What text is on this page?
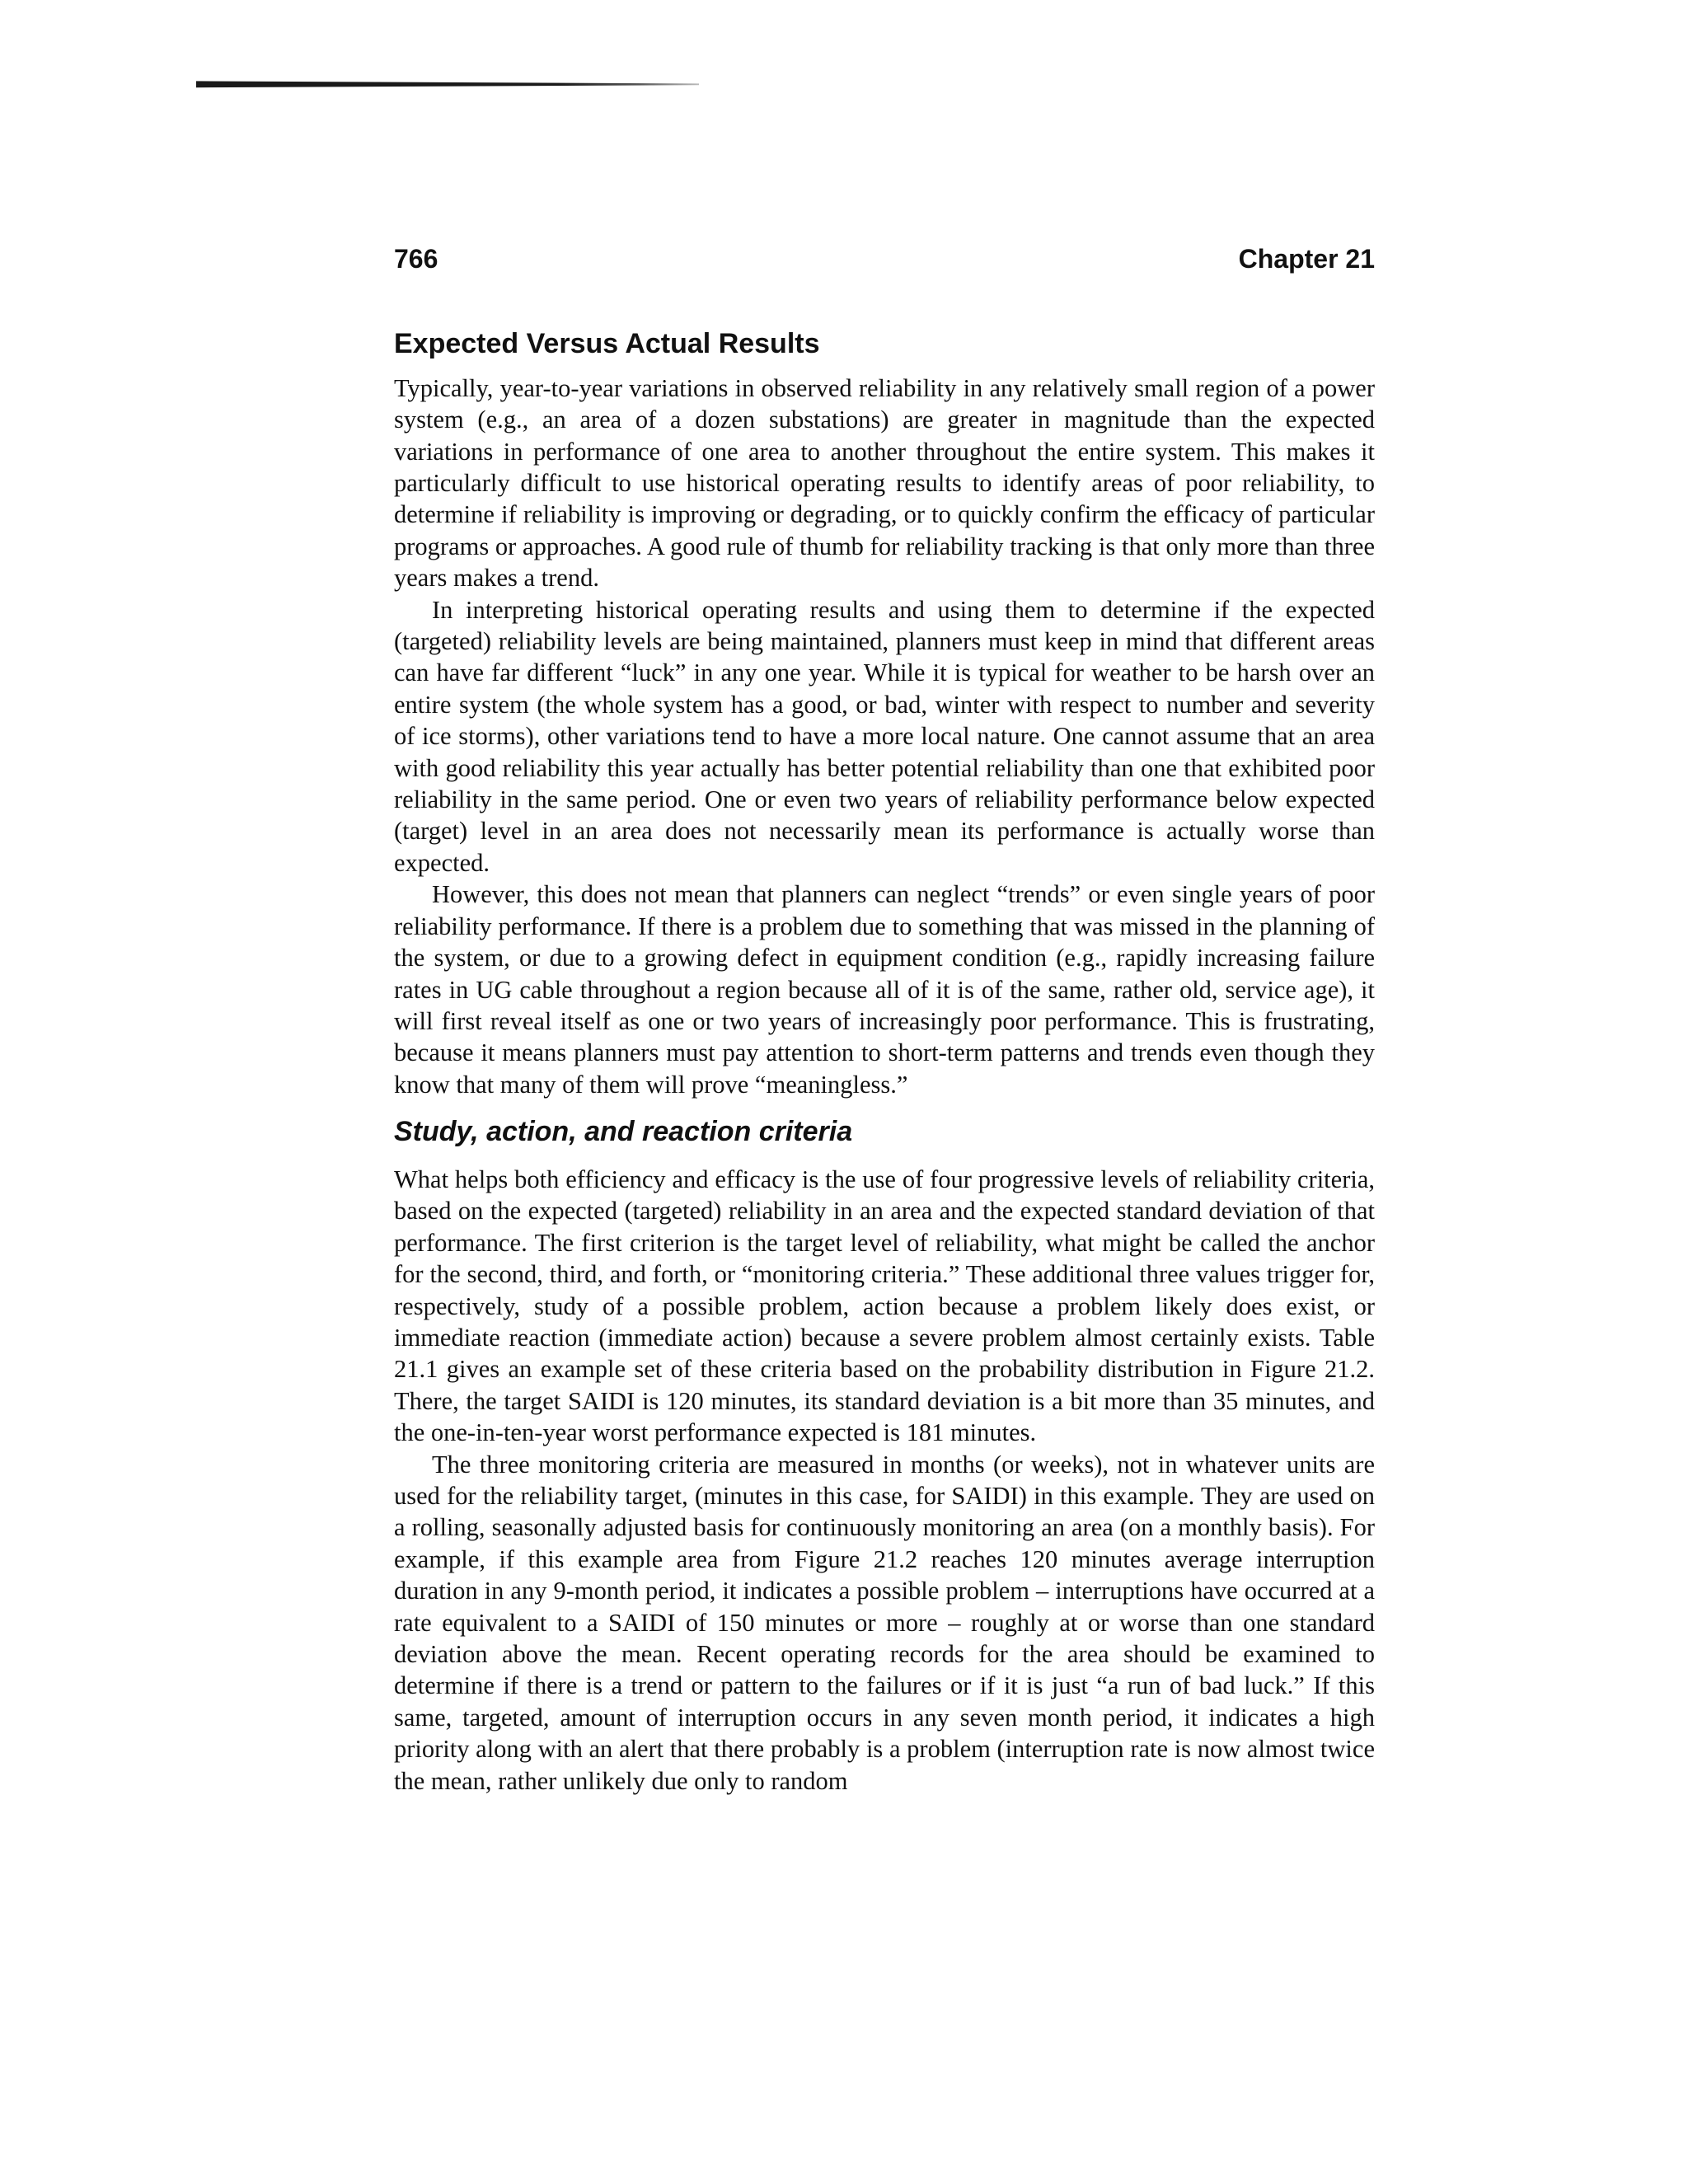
766	Chapter 21
Expected Versus Actual Results

Typically, year-to-year variations in observed reliability in any relatively small region of a power system (e.g., an area of a dozen substations) are greater in magnitude than the expected variations in performance of one area to another throughout the entire system. This makes it particularly difficult to use historical operating results to identify areas of poor reliability, to determine if reliability is improving or degrading, or to quickly confirm the efficacy of particular programs or approaches. A good rule of thumb for reliability tracking is that only more than three years makes a trend.

In interpreting historical operating results and using them to determine if the expected (targeted) reliability levels are being maintained, planners must keep in mind that different areas can have far different “luck” in any one year. While it is typical for weather to be harsh over an entire system (the whole system has a good, or bad, winter with respect to number and severity of ice storms), other variations tend to have a more local nature. One cannot assume that an area with good reliability this year actually has better potential reliability than one that exhibited poor reliability in the same period. One or even two years of reliability performance below expected (target) level in an area does not necessarily mean its performance is actually worse than expected.

However, this does not mean that planners can neglect “trends” or even single years of poor reliability performance. If there is a problem due to something that was missed in the planning of the system, or due to a growing defect in equipment condition (e.g., rapidly increasing failure rates in UG cable throughout a region because all of it is of the same, rather old, service age), it will first reveal itself as one or two years of increasingly poor performance. This is frustrating, because it means planners must pay attention to short-term patterns and trends even though they know that many of them will prove “meaningless.”

Study, action, and reaction criteria

What helps both efficiency and efficacy is the use of four progressive levels of reliability criteria, based on the expected (targeted) reliability in an area and the expected standard deviation of that performance. The first criterion is the target level of reliability, what might be called the anchor for the second, third, and forth, or “monitoring criteria.” These additional three values trigger for, respectively, study of a possible problem, action because a problem likely does exist, or immediate reaction (immediate action) because a severe problem almost certainly exists. Table 21.1 gives an example set of these criteria based on the probability distribution in Figure 21.2. There, the target SAIDI is 120 minutes, its standard deviation is a bit more than 35 minutes, and the one-in-ten-year worst performance expected is 181 minutes.

The three monitoring criteria are measured in months (or weeks), not in whatever units are used for the reliability target, (minutes in this case, for SAIDI) in this example. They are used on a rolling, seasonally adjusted basis for continuously monitoring an area (on a monthly basis). For example, if this example area from Figure 21.2 reaches 120 minutes average interruption duration in any 9-month period, it indicates a possible problem – interruptions have occurred at a rate equivalent to a SAIDI of 150 minutes or more – roughly at or worse than one standard deviation above the mean. Recent operating records for the area should be examined to determine if there is a trend or pattern to the failures or if it is just “a run of bad luck.” If this same, targeted, amount of interruption occurs in any seven month period, it indicates a high priority along with an alert that there probably is a problem (interruption rate is now almost twice the mean, rather unlikely due only to random
